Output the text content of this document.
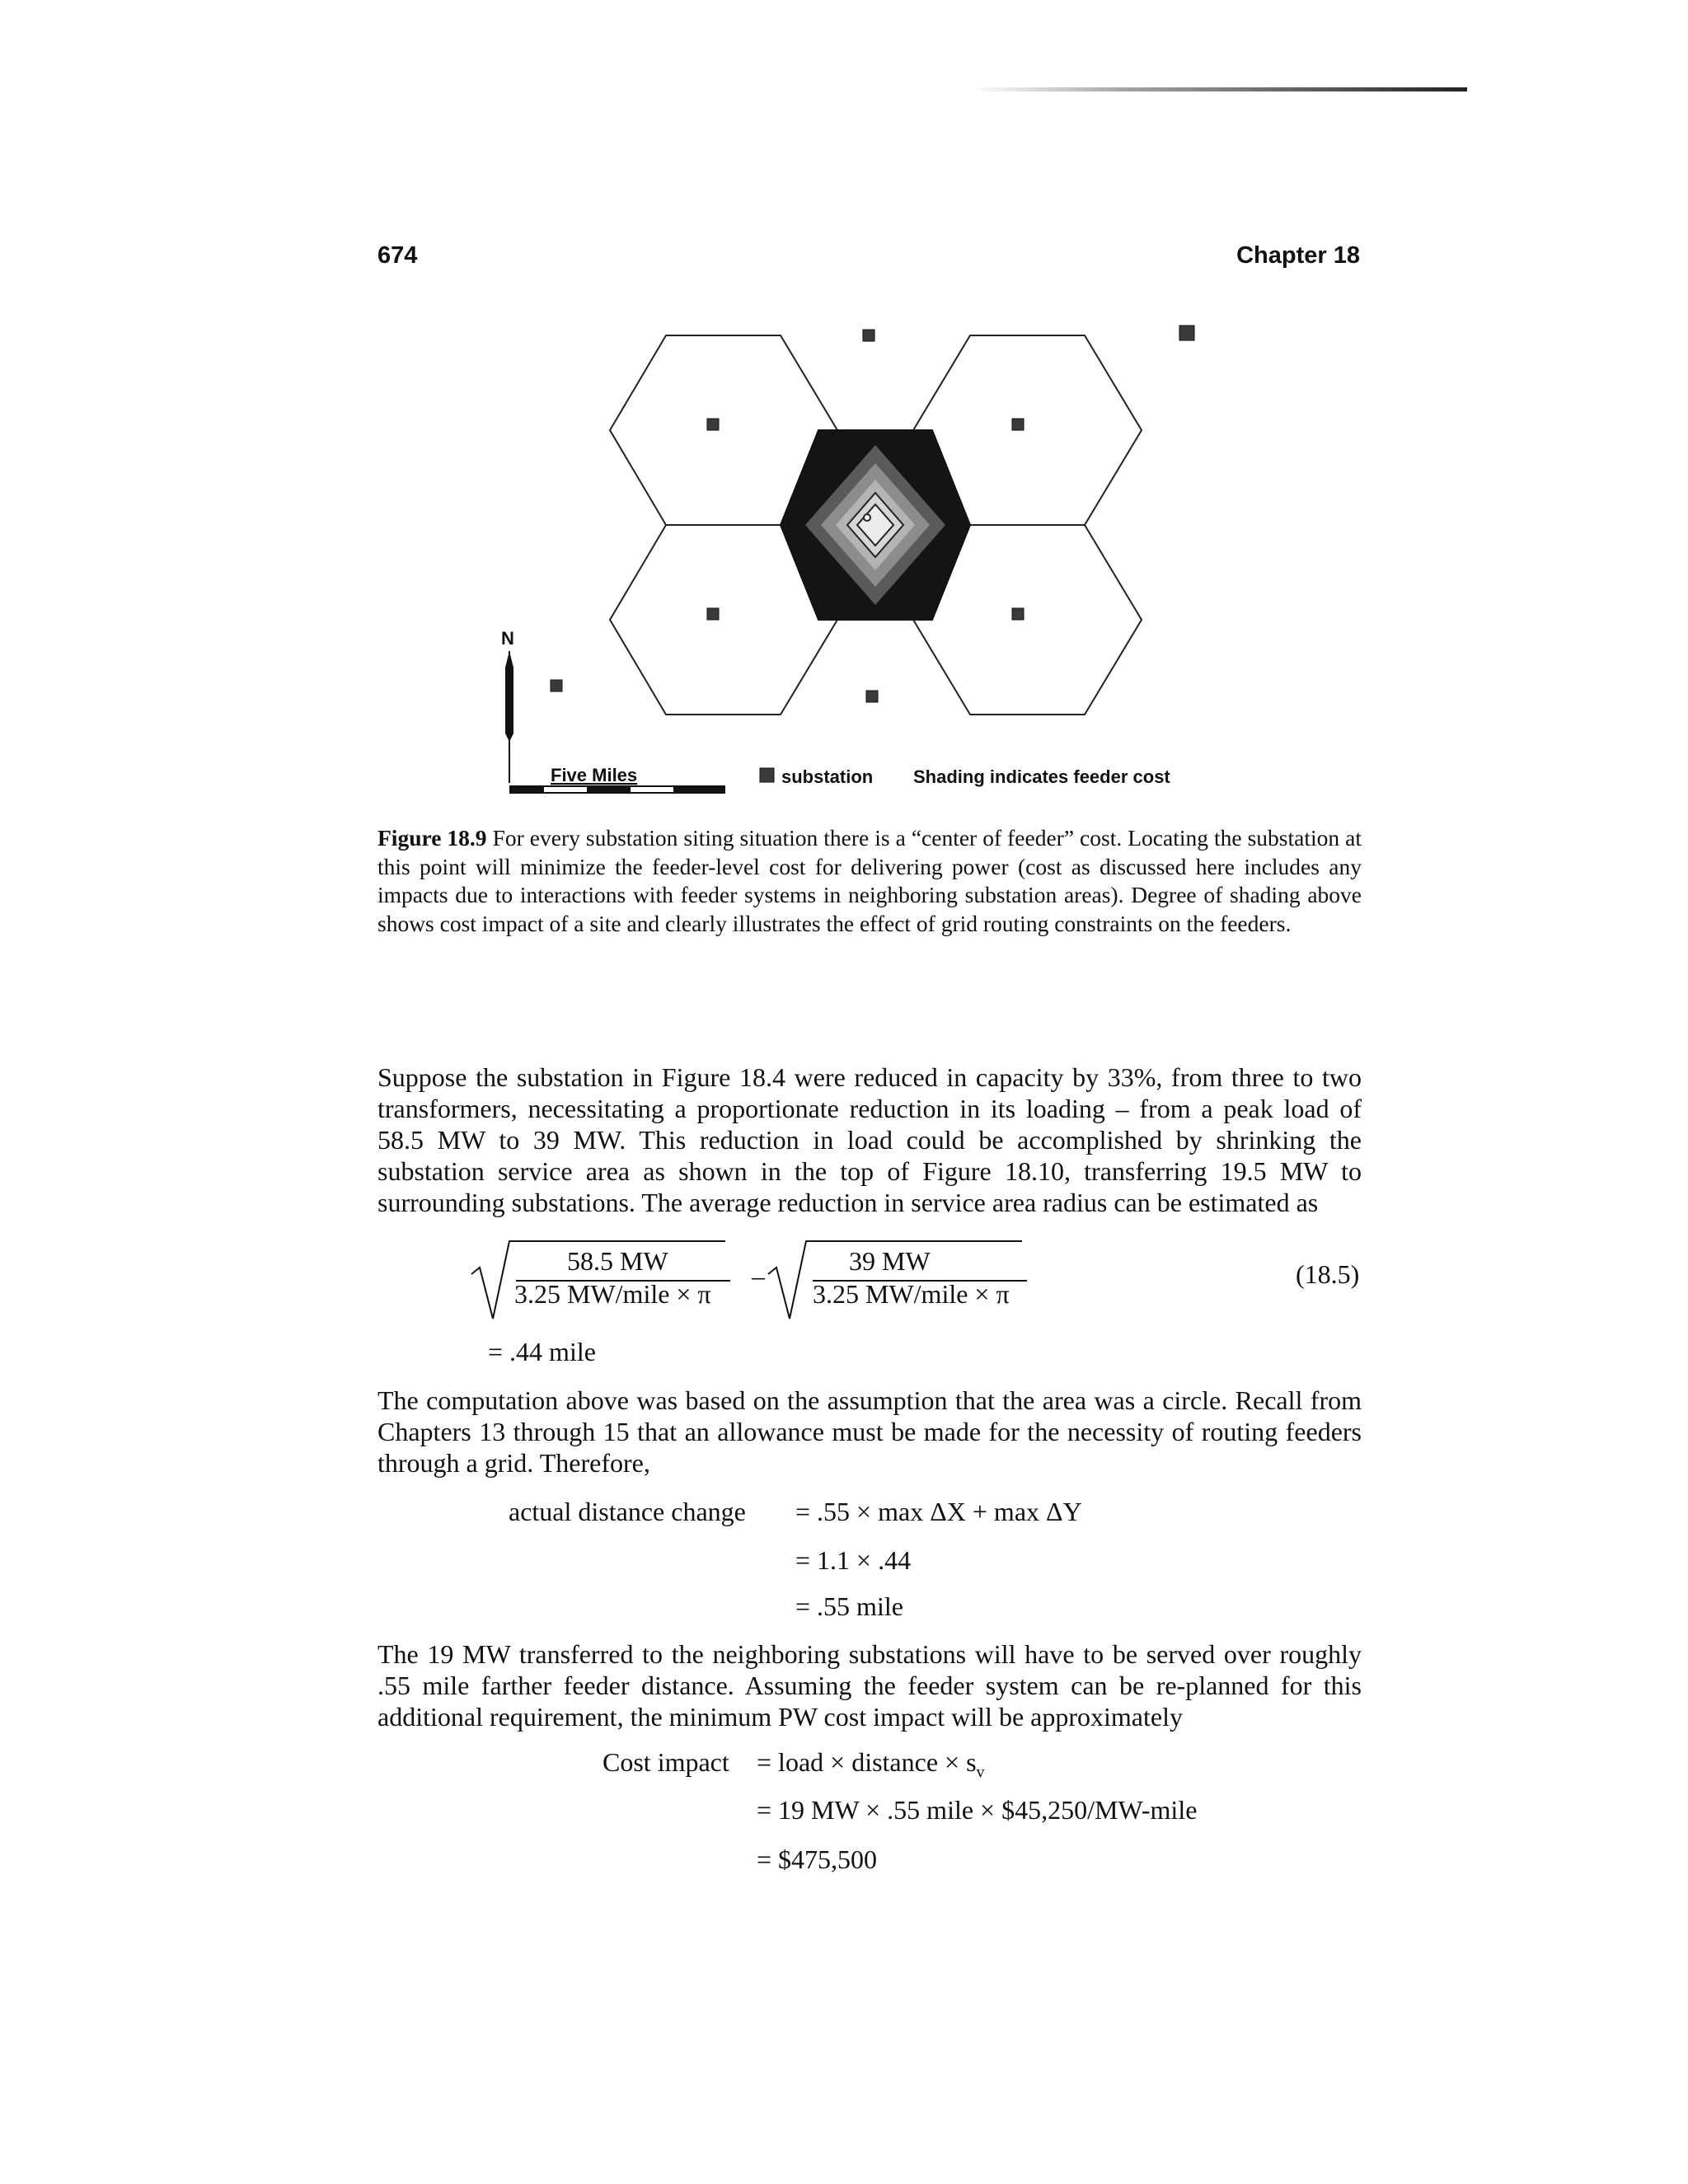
674	Chapter 18
N
Five Miles	substation Shading indicates feeder cost
Figure 18.9 For every substation siting situation there is a “center of feeder” cost. Locating the substation at this point will minimize the feeder-level cost for delivering power (cost as discussed here includes any impacts due to interactions with feeder systems in neighboring substation areas). Degree of shading above shows cost impact of a site and clearly illustrates the effect of grid routing constraints on the feeders.
Suppose the substation in Figure 18.4 were reduced in capacity by 33%, from three to two transformers, necessitating a proportionate reduction in its loading – from a peak load of 58.5 MW to 39 MW. This reduction in load could be accomplished by shrinking the substation service area as shown in the top of Figure 18.10, transferring 19.5 MW to surrounding substations. The average reduction in service area radius can be estimated as
58.5 MW
3.25 MW/mile × π
–	39 MW
3.25 MW/mile × π
(18.5)
= .44 mile
The computation above was based on the assumption that the area was a circle. Recall from Chapters 13 through 15 that an allowance must be made for the necessity of routing feeders through a grid. Therefore,
actual distance change = .55 × max ΔX + max ΔY
= 1.1 × .44
= .55 mile
The 19 MW transferred to the neighboring substations will have to be served over roughly .55 mile farther feeder distance. Assuming the feeder system can be re-planned for this additional requirement, the minimum PW cost impact will be approximately
Cost impact = load × distance × $s_v$
= 19 MW × .55 mile × $45,250/MW-mile
= $475,500
